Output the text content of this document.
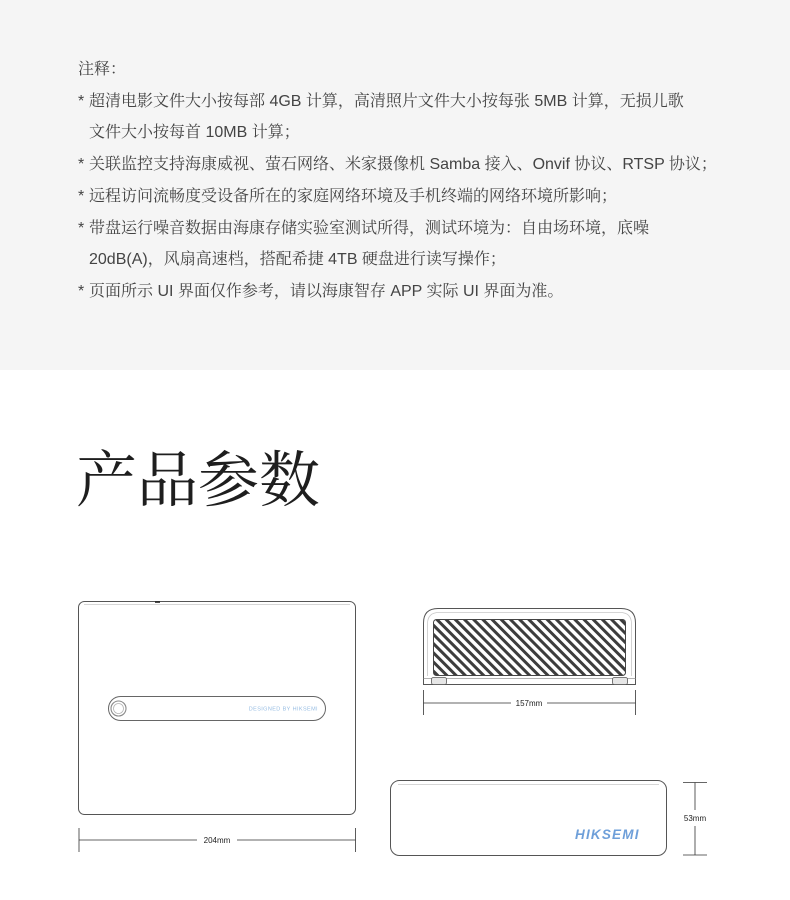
注释：
* 超清电影文件大小按每部 4GB 计算，高清照片文件大小按每张 5MB 计算，无损儿歌
文件大小按每首 10MB 计算；
* 关联监控支持海康威视、萤石网络、米家摄像机 Samba 接入、Onvif 协议、RTSP 协议；
* 远程访问流畅度受设备所在的家庭网络环境及手机终端的网络环境所影响；
* 带盘运行噪音数据由海康存储实验室测试所得，测试环境为：自由场环境，底噪
20dB(A)，风扇高速档，搭配希捷 4TB 硬盘进行读写操作；
* 页面所示 UI 界面仅作参考，请以海康智存 APP 实际 UI 界面为准。
产品参数
DESIGNED BY HIKSEMI
204mm
157mm
HIKSEMI
53mm
